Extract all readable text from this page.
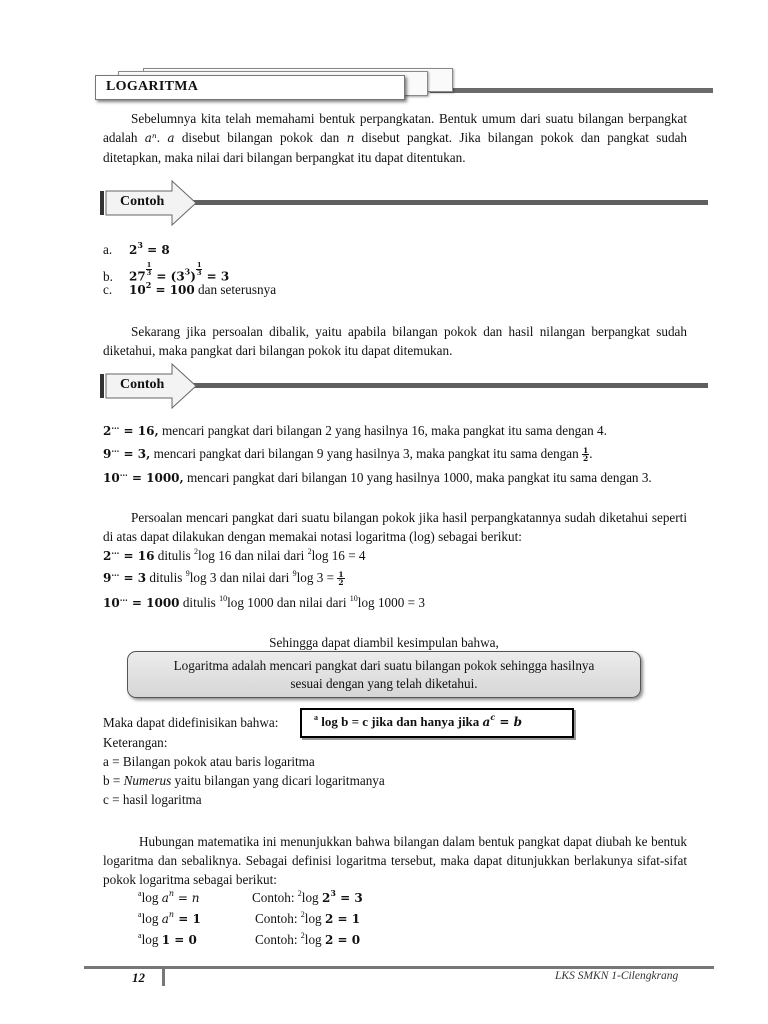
LOGARITMA
Sebelumnya kita telah memahami bentuk perpangkatan. Bentuk umum dari suatu bilangan berpangkat adalah aⁿ. a disebut bilangan pokok dan n disebut pangkat. Jika bilangan pokok dan pangkat sudah ditetapkan, maka nilai dari bilangan berpangkat itu dapat ditentukan.
Contoh
a. $2^3 = 8$
b. 27
$\frac{1}{3}$
= $(3^3)$
$\frac{1}{3}$
= 3
c. $10^2 = 100$ dan seterusnya
Sekarang jika persoalan dibalik, yaitu apabila bilangan pokok dan hasil nilangan berpangkat sudah diketahui, maka pangkat dari bilangan pokok itu dapat ditemukan.
Contoh
2… = 16, mencari pangkat dari bilangan 2 yang hasilnya 16, maka pangkat itu sama dengan 4.
9… = 3, mencari pangkat dari bilangan 9 yang hasilnya 3, maka pangkat itu sama dengan $\frac{1}{2}$ .
10… = 1000, mencari pangkat dari bilangan 10 yang hasilnya 1000, maka pangkat itu sama dengan 3.
Persoalan mencari pangkat dari suatu bilangan pokok jika hasil perpangkatannya sudah diketahui seperti di atas dapat dilakukan dengan memakai notasi logaritma (log) sebagai berikut:
2… = 16 ditulis $^2$log 16 dan nilai dari $^2$log 16 = 4
9… = 3 ditulis $^9$log 3 dan nilai dari $^9$log $3 = \frac{1}{2}$
10… = 1000 ditulis $^{10}$log 1000 dan nilai dari $^{10}$log 1000 = 3
Sehingga dapat diambil kesimpulan bahwa,
Logaritma adalah mencari pangkat dari suatu bilangan pokok sehingga hasilnya
sesuai dengan yang telah diketahui.
Maka dapat didefinisikan bahwa:	$^a$ log b = c jika dan hanya jika $a^c = b$
Keterangan:
a = Bilangan pokok atau baris logaritma
b = Numerus yaitu bilangan yang dicari logaritmanya
c = hasil logaritma
Hubungan matematika ini menunjukkan bahwa bilangan dalam bentuk pangkat dapat diubah ke bentuk logaritma dan sebaliknya. Sebagai definisi logaritma tersebut, maka dapat ditunjukkan berlakunya sifat-sifat pokok logaritma sebagai berikut:
$^a$log $a^n = n$	Contoh: $^2$log $2^3 = 3$
$^a$log $a^n = 1$	Contoh: $^2$log 2 = 1
$^a$log 1 = 0	Contoh: $^2$log 2 = 0
12	LKS SMKN 1-Cilengkrang
